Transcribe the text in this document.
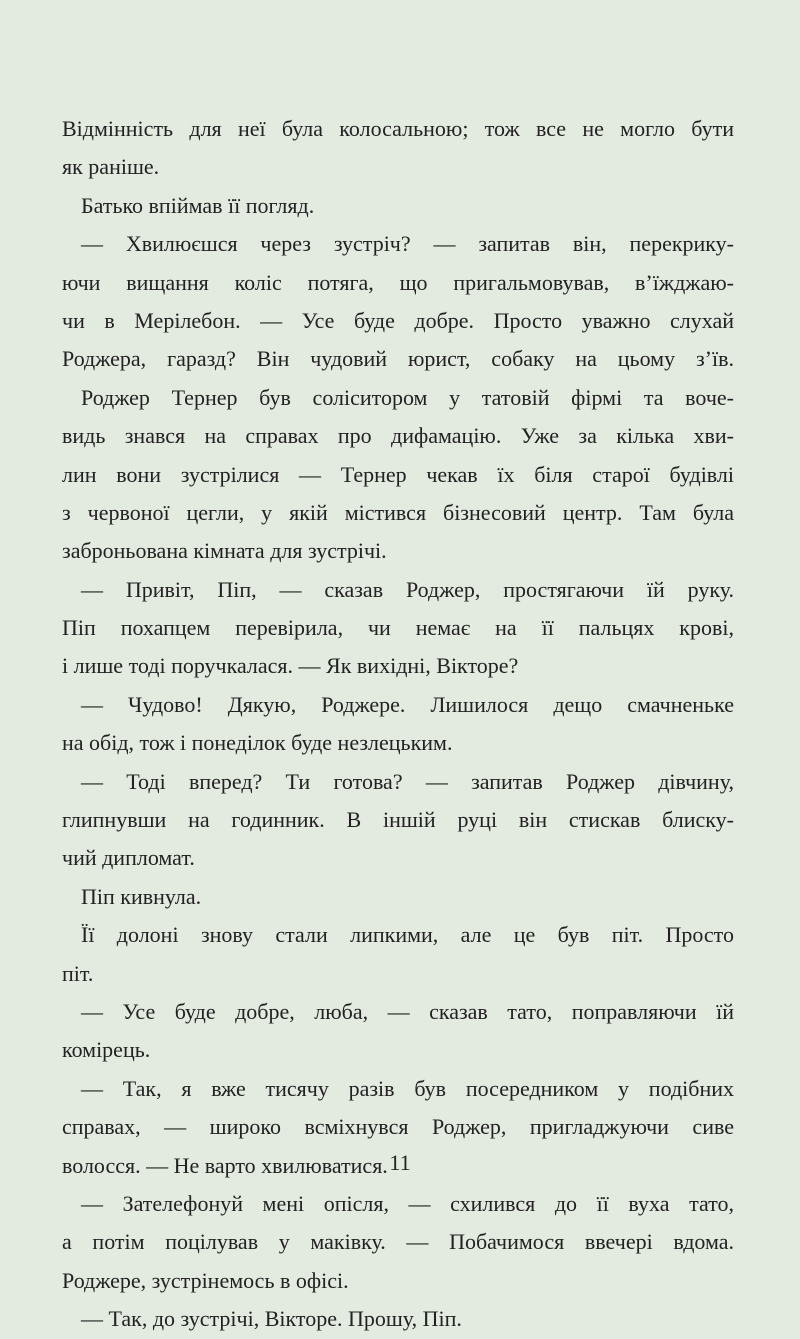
Відмінність для неї була колосальною; тож все не могло бути
як раніше.
Батько впіймав її погляд.
— Хвилюєшся через зустріч? — запитав він, перекрику-
ючи вищання коліс потяга, що пригальмовував, в’їжджаю-
чи в Мерілебон. — Усе буде добре. Просто уважно слухай
Роджера, гаразд? Він чудовий юрист, собаку на цьому з’їв.
Роджер Тернер був соліситором у татовій фірмі та воче-
видь знався на справах про дифамацію. Уже за кілька хви-
лин вони зустрілися — Тернер чекав їх біля старої будівлі
з червоної цегли, у якій містився бізнесовий центр. Там була
заброньована кімната для зустрічі.
— Привіт, Піп, — сказав Роджер, простягаючи їй руку.
Піп похапцем перевірила, чи немає на її пальцях крові,
і лише тоді поручкалася. — Як вихідні, Вікторе?
— Чудово! Дякую, Роджере. Лишилося дещо смачненьке
на обід, тож і понеділок буде незлецьким.
— Тоді вперед? Ти готова? — запитав Роджер дівчину,
глипнувши на годинник. В іншій руці він стискав блиску-
чий дипломат.
Піп кивнула.
Її долоні знову стали липкими, але це був піт. Просто
піт.
— Усе буде добре, люба, — сказав тато, поправляючи їй
комірець.
— Так, я вже тисячу разів був посередником у подібних
справах, — широко всміхнувся Роджер, пригладжуючи сиве
волосся. — Не варто хвилюватися.
— Зателефонуй мені опісля, — схилився до її вуха тато,
а потім поцілував у маківку. — Побачимося ввечері вдома.
Роджере, зустрінемось в офісі.
— Так, до зустрічі, Вікторе. Прошу, Піп.
11
